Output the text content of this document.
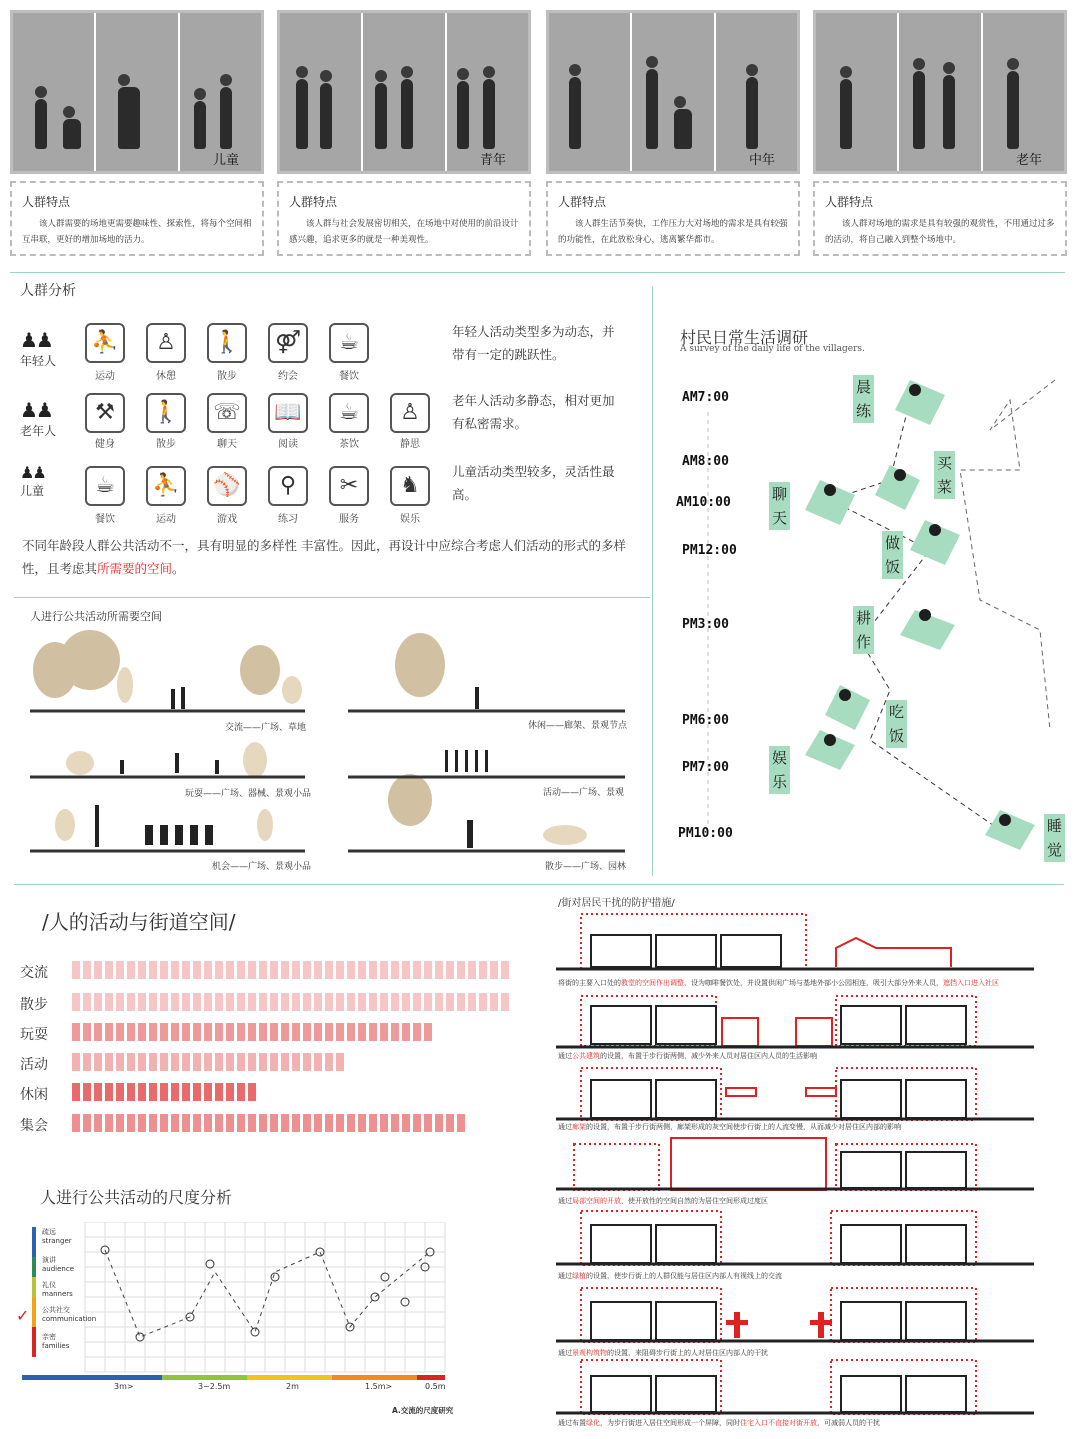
儿童	青年	中年	老年
人群特点
该人群需要的场地更需要趣味性、探索性，将每个空间相互串联，更好的增加场地的活力。
人群特点
该人群与社会发展密切相关，在场地中对使用的前沿设计感兴趣，追求更多的就是一种美观性。
人群特点
该人群生活节奏快，工作压力大对场地的需求是具有较强的功能性，在此放松身心，逃离繁华都市。
人群特点
该人群对场地的需求是具有较强的观赏性，不用通过过多的活动，将自己融入到整个场地中。
人群分析
♟♟
年轻人
♟♟
老年人
♟♟
儿童
⛹	♙	🚶	⚤	☕
运动	休憩	散步	约会	餐饮
⚒	🚶 ☏ 📖	☕	♙
健身	散步	聊天	阅读	茶饮	静思
☕	⛹ ⚾	⚲	✂	♞
餐饮	运动	游戏	练习	服务	娱乐
年轻人活动类型多为动态，并带有一定的跳跃性。
老年人活动多静态，相对更加有私密需求。
儿童活动类型较多，灵活性最高。
不同年龄段人群公共活动不一，具有明显的多样性 丰富性。因此，再设计中应综合考虑人们活动的形式的多样性，且考虑其所需要的空间。
人进行公共活动所需要空间
交流——广场、草地	休闲——廊架、景观节点
玩耍——广场、器械、景观小品	活动——广场、景观
机会——广场、景观小品	散步——广场、园林
村民日常生活调研
A survey of the daily life of the villagers.
AM7:00
AM8:00
AM10:00
PM12:00
PM3:00
PM6:00
PM7:00
PM10:00
晨练
买菜
聊天
做饭
耕作
吃饭
娱乐
睡觉
/人的活动与街道空间/
交流
散步
玩耍
活动
休闲
集会
人进行公共活动的尺度分析
疏远
stranger
演讲
audience
礼仪
manners
公共社交
communication
亲密
families
✓
3m>	3~2.5m	2m	1.5m>	0.5m
A.交流的尺度研究
/街对居民干扰的防护措施/
将街的主要入口处的教堂的空间作出调整，设为咖啡餐饮处，并设置供闲广场与基地外部小公园相连，吸引大部分外来人员，遮挡入口进入社区
通过公共建筑的设置，布置于步行街两侧，减少外来人员对居住区内人员的生活影响
通过廊架的设置，布置于步行街两侧，廊架形成的灰空间使步行街上的人流变慢，从而减少对居住区内部的影响
通过局部空间的开放，使开放性的空间自然的为居住空间形成过度区
通过绿植的设置，使步行街上的人群仅能与居住区内部人有视线上的交流
通过景观构筑物的设置，来阻碍步行街上的人对居住区内部人的干扰
通过布置绿化，为步行街进入居住空间形成一个屏障，同时住宅入口不直接对街开放，可减弱人员的干扰
